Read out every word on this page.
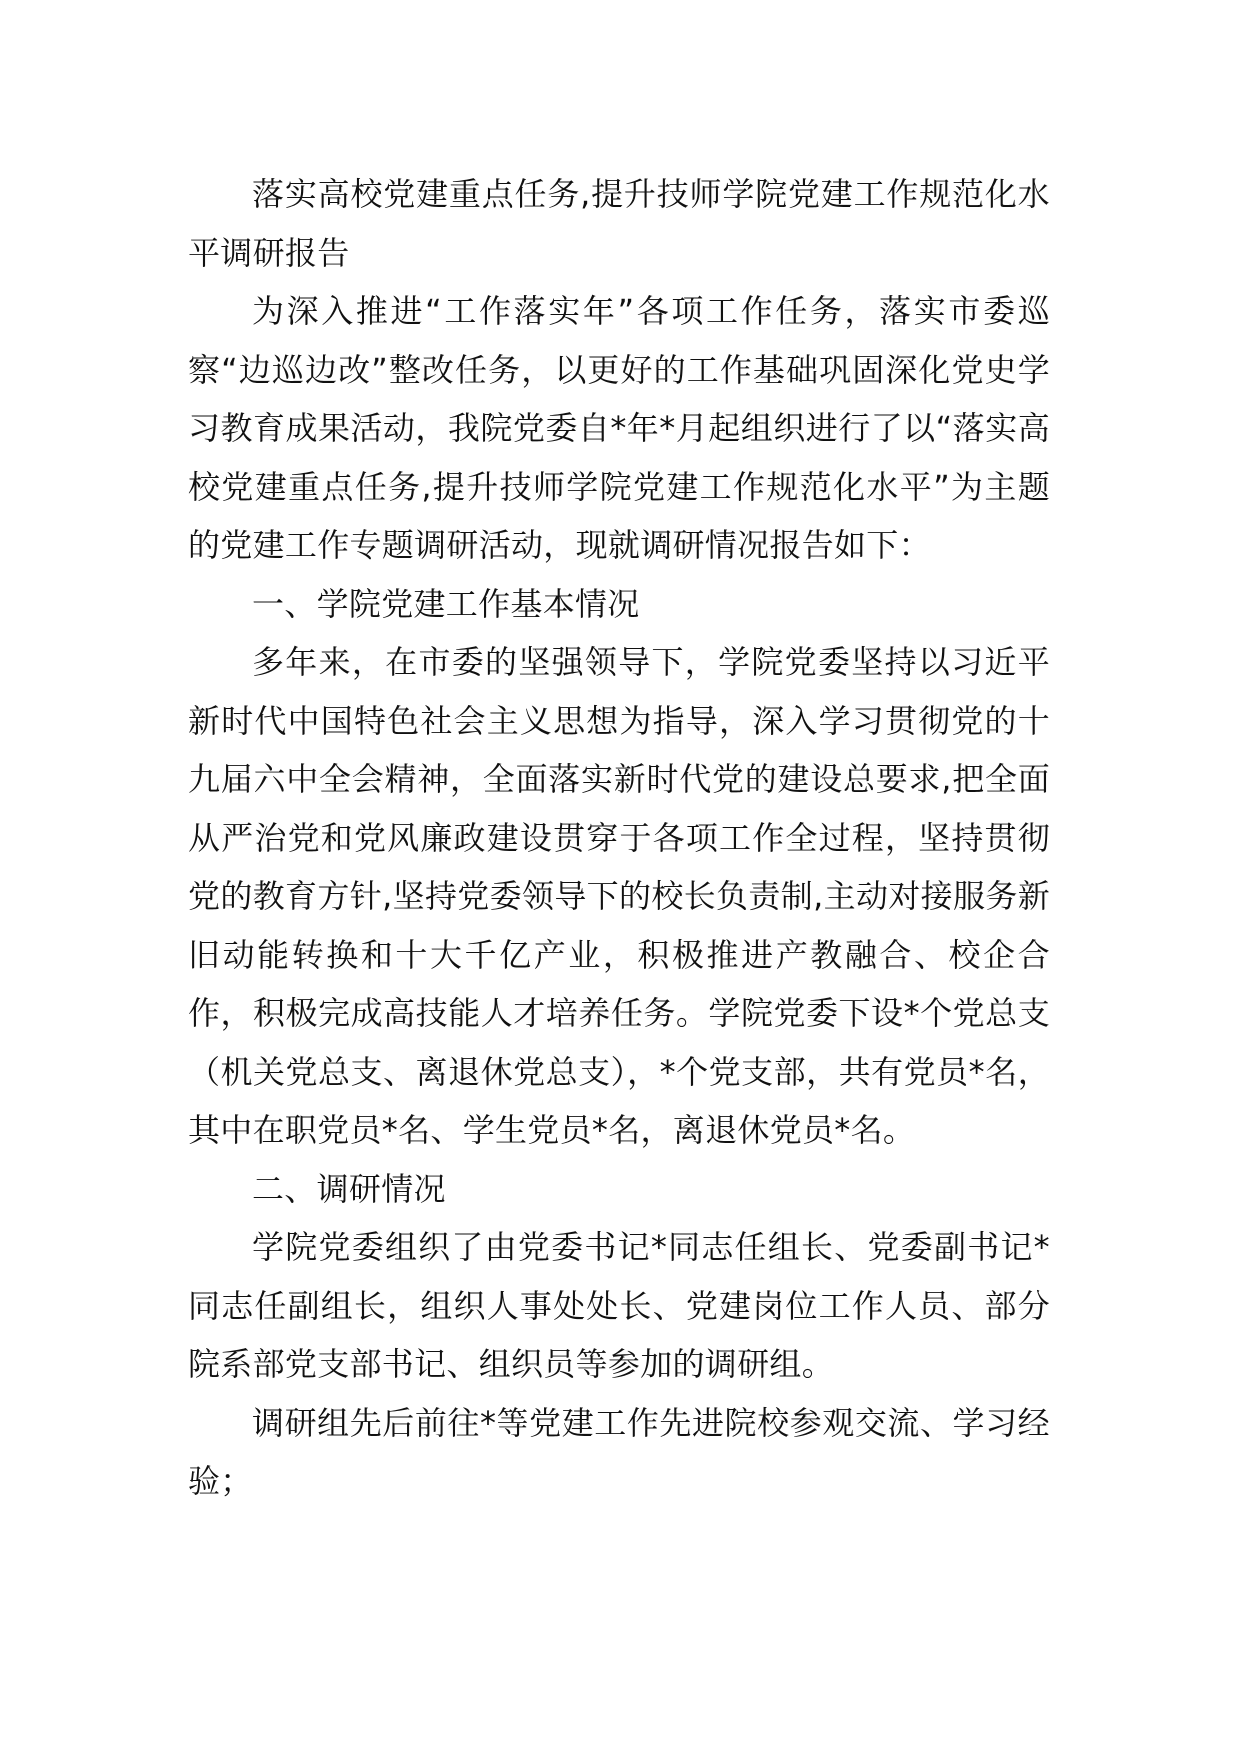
落实高校党建重点任务,提升技师学院党建工作规范化水平调研报告

为深入推进“工作落实年”各项工作任务，落实市委巡察“边巡边改”整改任务，以更好的工作基础巩固深化党史学习教育成果活动，我院党委自*年*月起组织进行了以“落实高校党建重点任务,提升技师学院党建工作规范化水平”为主题的党建工作专题调研活动，现就调研情况报告如下：

一、学院党建工作基本情况

多年来，在市委的坚强领导下，学院党委坚持以习近平新时代中国特色社会主义思想为指导，深入学习贯彻党的十九届六中全会精神，全面落实新时代党的建设总要求,把全面从严治党和党风廉政建设贯穿于各项工作全过程，坚持贯彻党的教育方针,坚持党委领导下的校长负责制,主动对接服务新旧动能转换和十大千亿产业，积极推进产教融合、校企合作，积极完成高技能人才培养任务。学院党委下设*个党总支（机关党总支、离退休党总支），*个党支部，共有党员*名，其中在职党员*名、学生党员*名，离退休党员*名。

二、调研情况

学院党委组织了由党委书记*同志任组长、党委副书记*同志任副组长，组织人事处处长、党建岗位工作人员、部分院系部党支部书记、组织员等参加的调研组。

调研组先后前往*等党建工作先进院校参观交流、学习经验；
